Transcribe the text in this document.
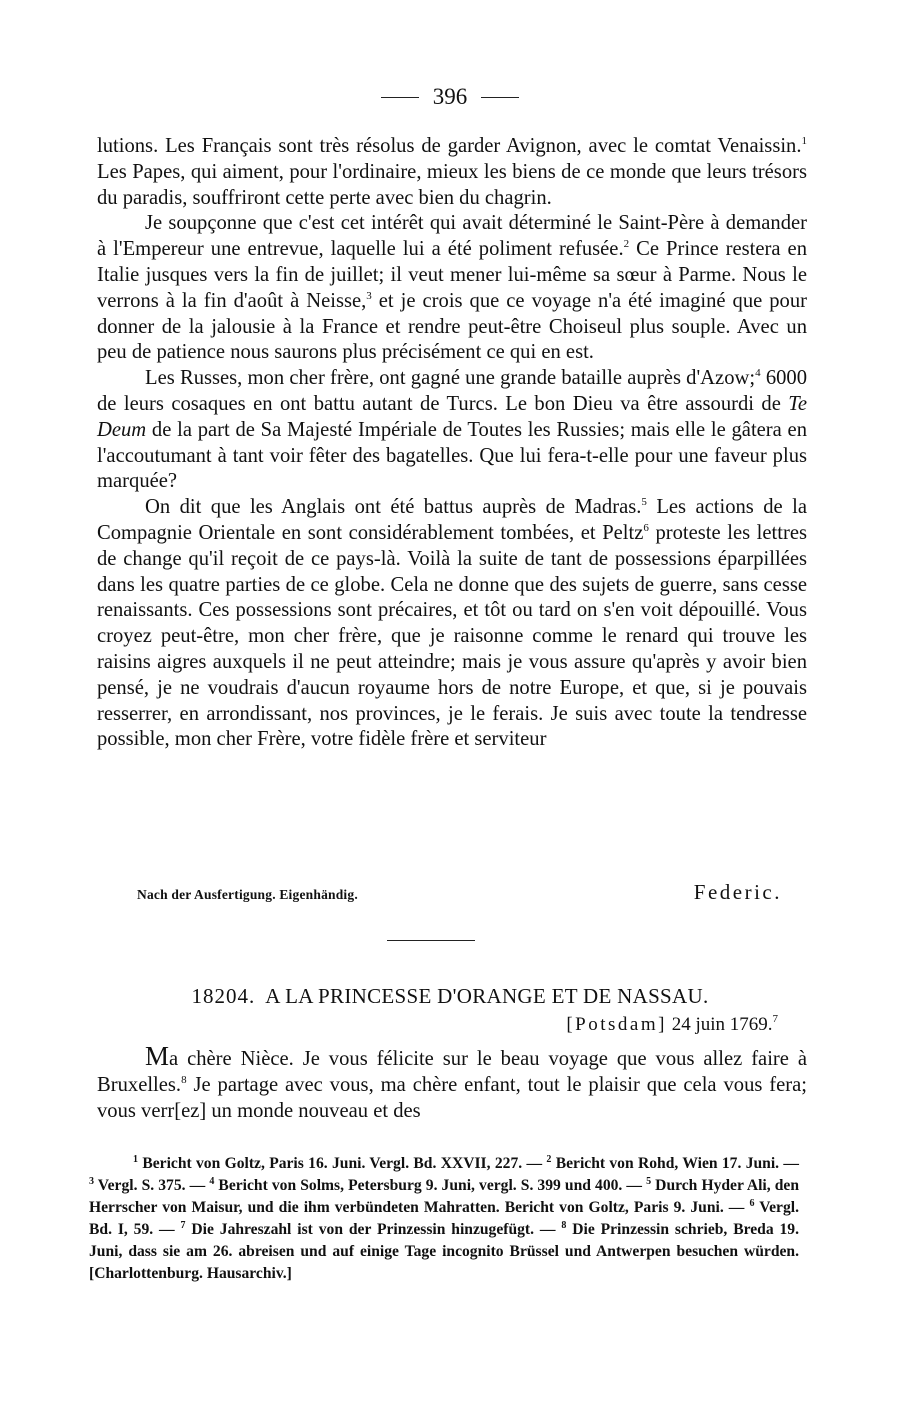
396

lutions. Les Français sont très résolus de garder Avignon, avec le comtat Venaissin.$^1$ Les Papes, qui aiment, pour l'ordinaire, mieux les biens de ce monde que leurs trésors du paradis, souffriront cette perte avec bien du chagrin.

Je soupçonne que c'est cet intérêt qui avait déterminé le Saint-Père à demander à l'Empereur une entrevue, laquelle lui a été poliment refusée.$^2$ Ce Prince restera en Italie jusques vers la fin de juillet; il veut mener lui-même sa sœur à Parme. Nous le verrons à la fin d'août à Neisse,$^3$ et je crois que ce voyage n'a été imaginé que pour donner de la jalousie à la France et rendre peut-être Choiseul plus souple. Avec un peu de patience nous saurons plus précisément ce qui en est.

Les Russes, mon cher frère, ont gagné une grande bataille auprès d'Azow;$^4$ 6000 de leurs cosaques en ont battu autant de Turcs. Le bon Dieu va être assourdi de Te Deum de la part de Sa Majesté Impériale de Toutes les Russies; mais elle le gâtera en l'accoutumant à tant voir fêter des bagatelles. Que lui fera-t-elle pour une faveur plus marquée?

On dit que les Anglais ont été battus auprès de Madras.$^5$ Les actions de la Compagnie Orientale en sont considérablement tombées, et Peltz$^6$ proteste les lettres de change qu'il reçoit de ce pays-là. Voilà la suite de tant de possessions éparpillées dans les quatre parties de ce globe. Cela ne donne que des sujets de guerre, sans cesse renaissants. Ces possessions sont précaires, et tôt ou tard on s'en voit dépouillé. Vous croyez peut-être, mon cher frère, que je raisonne comme le renard qui trouve les raisins aigres auxquels il ne peut atteindre; mais je vous assure qu'après y avoir bien pensé, je ne voudrais d'aucun royaume hors de notre Europe, et que, si je pouvais resserrer, en arrondissant, nos provinces, je le ferais. Je suis avec toute la tendresse possible, mon cher Frère, votre fidèle frère et serviteur

Nach der Ausfertigung. Eigenhändig.	Federic.
18204. A LA PRINCESSE D'ORANGE ET DE NASSAU.
[Potsdam] 24 juin 1769.$^7$

Ma chère Nièce. Je vous félicite sur le beau voyage que vous allez faire à Bruxelles.$^8$ Je partage avec vous, ma chère enfant, tout le plaisir que cela vous fera; vous verr[ez] un monde nouveau et des

$^1$ Bericht von Goltz, Paris 16. Juni. Vergl. Bd. XXVII, 227. — $^2$ Bericht von Rohd, Wien 17. Juni. — $^3$ Vergl. S. 375. — $^4$ Bericht von Solms, Petersburg 9. Juni, vergl. S. 399 und 400. — $^5$ Durch Hyder Ali, den Herrscher von Maisur, und die ihm verbündeten Mahratten. Bericht von Goltz, Paris 9. Juni. — $^6$ Vergl. Bd. I, 59. — $^7$ Die Jahreszahl ist von der Prinzessin hinzugefügt. — $^8$ Die Prinzessin schrieb, Breda 19. Juni, dass sie am 26. abreisen und auf einige Tage incognito Brüssel und Antwerpen besuchen würden. [Charlottenburg. Hausarchiv.]
